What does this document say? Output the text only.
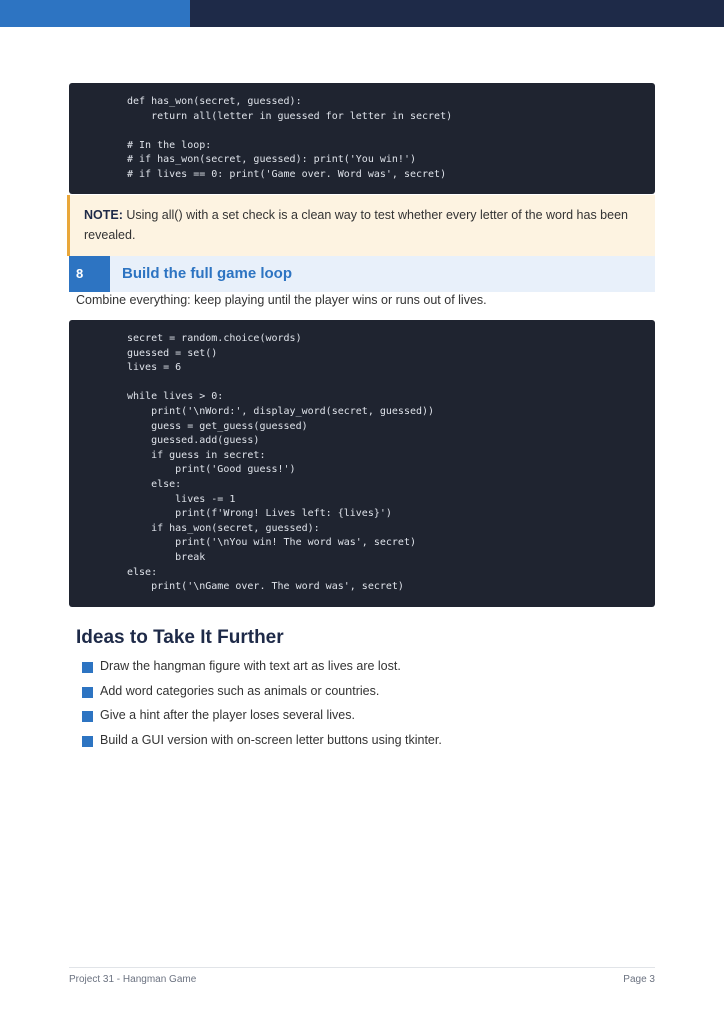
def has_won(secret, guessed):
return all(letter in guessed for letter in secret)
# In the loop:
# if has_won(secret, guessed): print('You win!')
# if lives == 0: print('Game over. Word was', secret)
NOTE: Using all() with a set check is a clean way to test whether every letter of the word has been revealed.
8	Build the full game loop
Combine everything: keep playing until the player wins or runs out of lives.
secret = random.choice(words)
guessed = set()
lives = 6
while lives > 0:
print('\nWord:', display_word(secret, guessed))
guess = get_guess(guessed)
guessed.add(guess)
if guess in secret:
print('Good guess!')
else:
lives -= 1
print(f'Wrong! Lives left: {lives}')
if has_won(secret, guessed):
print('\nYou win! The word was', secret)
break
else:
print('\nGame over. The word was', secret)
Ideas to Take It Further
Draw the hangman figure with text art as lives are lost.
Add word categories such as animals or countries.
Give a hint after the player loses several lives.
Build a GUI version with on-screen letter buttons using tkinter.
Project 31 - Hangman Game	Page 3
